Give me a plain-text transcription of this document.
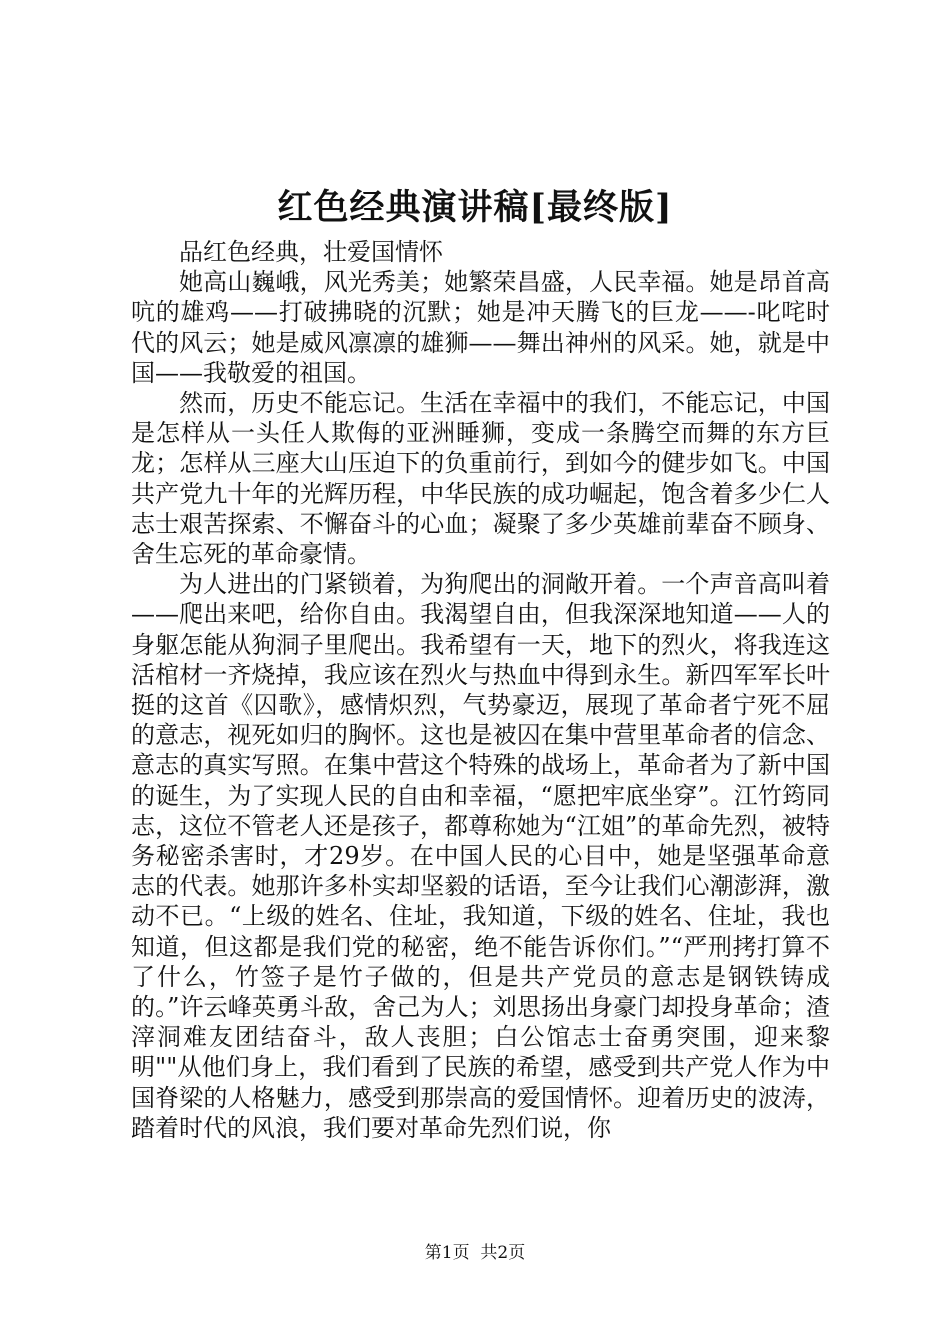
红色经典演讲稿[最终版]

品红色经典，壮爱国情怀

她高山巍峨，风光秀美；她繁荣昌盛，人民幸福。她是昂首高吭的雄鸡——打破拂晓的沉默；她是冲天腾飞的巨龙——-叱咤时代的风云；她是威风凛凛的雄狮——舞出神州的风采。她，就是中国——我敬爱的祖国。

然而，历史不能忘记。生活在幸福中的我们，不能忘记，中国是怎样从一头任人欺侮的亚洲睡狮，变成一条腾空而舞的东方巨龙；怎样从三座大山压迫下的负重前行，到如今的健步如飞。中国共产党九十年的光辉历程，中华民族的成功崛起，饱含着多少仁人志士艰苦探索、不懈奋斗的心血；凝聚了多少英雄前辈奋不顾身、舍生忘死的革命豪情。

为人进出的门紧锁着，为狗爬出的洞敞开着。一个声音高叫着——爬出来吧，给你自由。我渴望自由，但我深深地知道——人的身躯怎能从狗洞子里爬出。我希望有一天，地下的烈火，将我连这活棺材一齐烧掉，我应该在烈火与热血中得到永生。新四军军长叶挺的这首《囚歌》，感情炽烈，气势豪迈，展现了革命者宁死不屈的意志，视死如归的胸怀。这也是被囚在集中营里革命者的信念、意志的真实写照。在集中营这个特殊的战场上，革命者为了新中国的诞生，为了实现人民的自由和幸福，“愿把牢底坐穿”。江竹筠同志，这位不管老人还是孩子，都尊称她为“江姐”的革命先烈，被特务秘密杀害时，才29岁。在中国人民的心目中，她是坚强革命意志的代表。她那许多朴实却坚毅的话语，至今让我们心潮澎湃，激动不已。“上级的姓名、住址，我知道，下级的姓名、住址，我也知道，但这都是我们党的秘密，绝不能告诉你们。”“严刑拷打算不了什么，竹签子是竹子做的，但是共产党员的意志是钢铁铸成的。”许云峰英勇斗敌，舍己为人；刘思扬出身豪门却投身革命；渣滓洞难友团结奋斗，敌人丧胆；白公馆志士奋勇突围，迎来黎明""从他们身上，我们看到了民族的希望，感受到共产党人作为中国脊梁的人格魅力，感受到那崇高的爱国情怀。迎着历史的波涛，踏着时代的风浪，我们要对革命先烈们说，你

第1页 共2页
